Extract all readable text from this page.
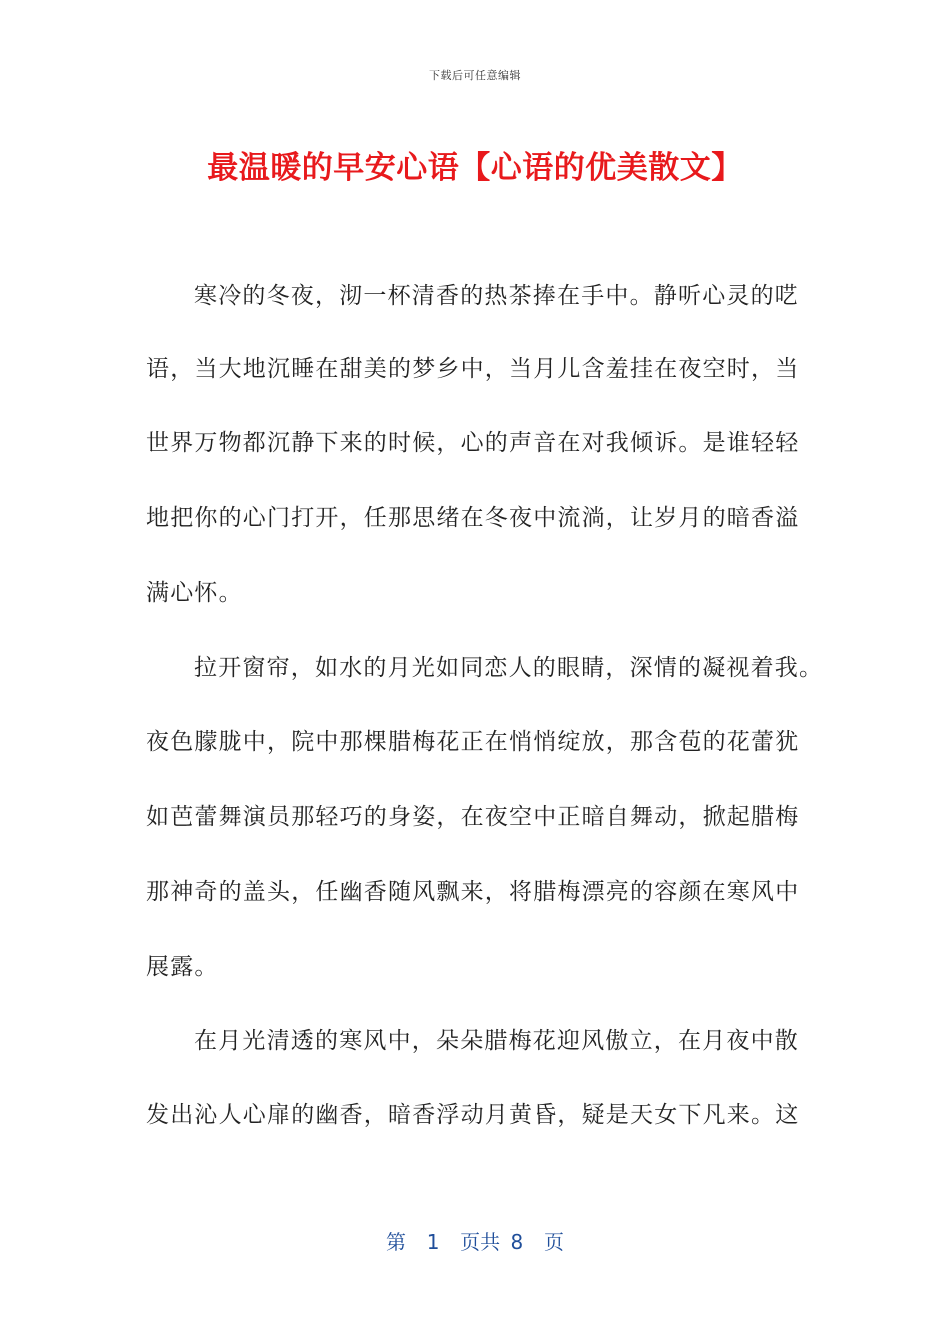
下载后可任意编辑
最温暖的早安心语【心语的优美散文】
寒冷的冬夜，沏一杯清香的热茶捧在手中。静听心灵的呓
语，当大地沉睡在甜美的梦乡中，当月儿含羞挂在夜空时，当
世界万物都沉静下来的时候，心的声音在对我倾诉。是谁轻轻
地把你的心门打开，任那思绪在冬夜中流淌，让岁月的暗香溢
满心怀。
拉开窗帘，如水的月光如同恋人的眼睛，深情的凝视着我。
夜色朦胧中，院中那棵腊梅花正在悄悄绽放，那含苞的花蕾犹
如芭蕾舞演员那轻巧的身姿，在夜空中正暗自舞动，掀起腊梅
那神奇的盖头，任幽香随风飘来，将腊梅漂亮的容颜在寒风中
展露。
在月光清透的寒风中，朵朵腊梅花迎风傲立，在月夜中散
发出沁人心扉的幽香，暗香浮动月黄昏，疑是天女下凡来。这
第  1  页共 8  页
